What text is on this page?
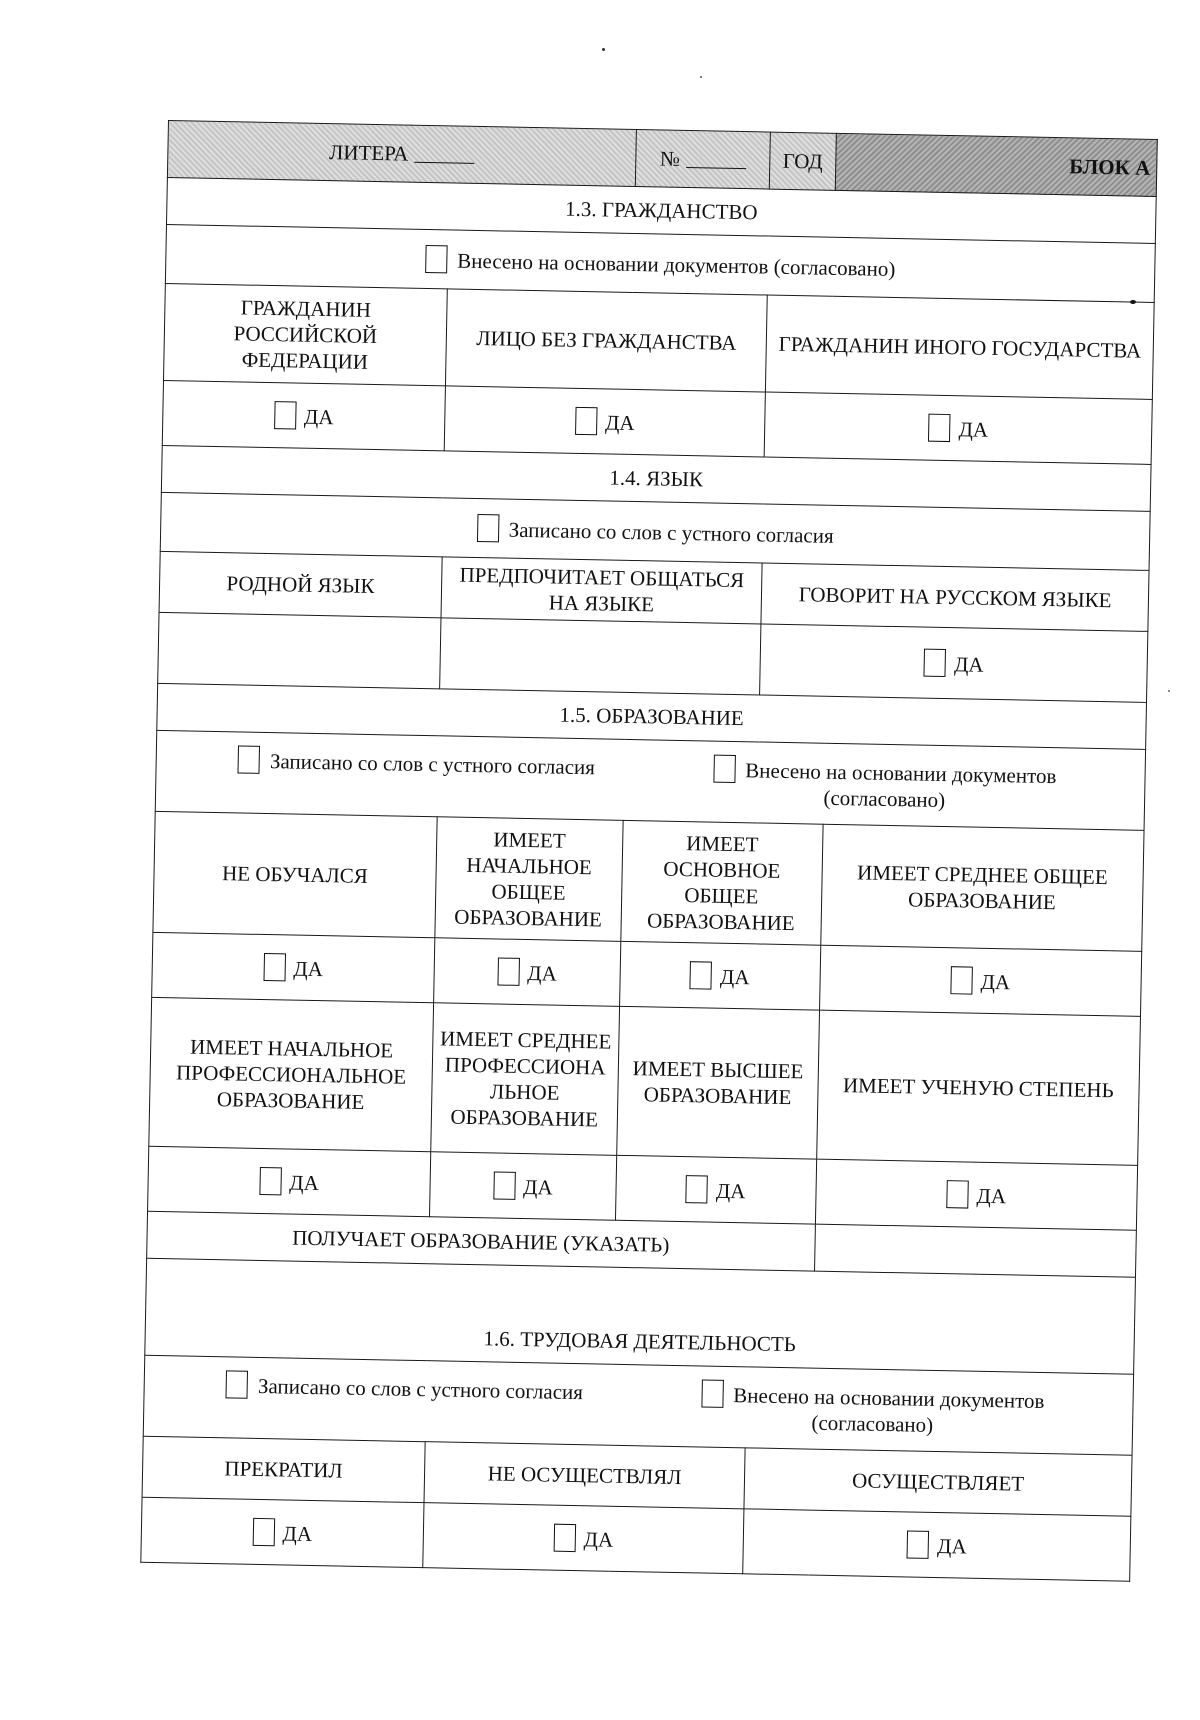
ЛИТЕРА		№	ГОД	БЛОК А
1.3. ГРАЖДАНСТВО				
Внесено на основании документов (согласовано)				
ГРАЖДАНИН РОССИЙСКОЙ ФЕДЕРАЦИИ	ЛИЦО БЕЗ ГРАЖДАНСТВА		ГРАЖДАНИН ИНОГО ГОСУДАРСТВА	
ДА	ДА		ДА	
1.4. ЯЗЫК				
Записано со слов с устного согласия				
РОДНОЙ ЯЗЫК	ПРЕДПОЧИТАЕТ ОБЩАТЬСЯ НА ЯЗЫКЕ		ГОВОРИТ НА РУССКОМ ЯЗЫКЕ	
			ДА	
1.5. ОБРАЗОВАНИЕ				
Записано со слов с устного согласия Внесено на основании документов (согласовано)				
НЕ ОБУЧАЛСЯ	ИМЕЕТ НАЧАЛЬНОЕ ОБЩЕЕ ОБРАЗОВАНИЕ	ИМЕЕТ ОСНОВНОЕ ОБЩЕЕ ОБРАЗОВАНИЕ		ИМЕЕТ СРЕДНЕЕ ОБЩЕЕ ОБРАЗОВАНИЕ
ДА	ДА	ДА		ДА
ИМЕЕТ НАЧАЛЬНОЕ ПРОФЕССИОНАЛЬНОЕ ОБРАЗОВАНИЕ	ИМЕЕТ СРЕДНЕЕ ПРОФЕССИОНА ЛЬНОЕ ОБРАЗОВАНИЕ	ИМЕЕТ ВЫСШЕЕ ОБРАЗОВАНИЕ		ИМЕЕТ УЧЕНУЮ СТЕПЕНЬ
ДА	ДА	ДА		ДА
ПОЛУЧАЕТ ОБРАЗОВАНИЕ (УКАЗАТЬ)				

1.6. ТРУДОВАЯ ДЕЯТЕЛЬНОСТЬ				
Записано со слов с устного согласия Внесено на основании документов (согласовано)				
ПРЕКРАТИЛ	НЕ ОСУЩЕСТВЛЯЛ		ОСУЩЕСТВЛЯЕТ	
ДА	ДА		ДА	
